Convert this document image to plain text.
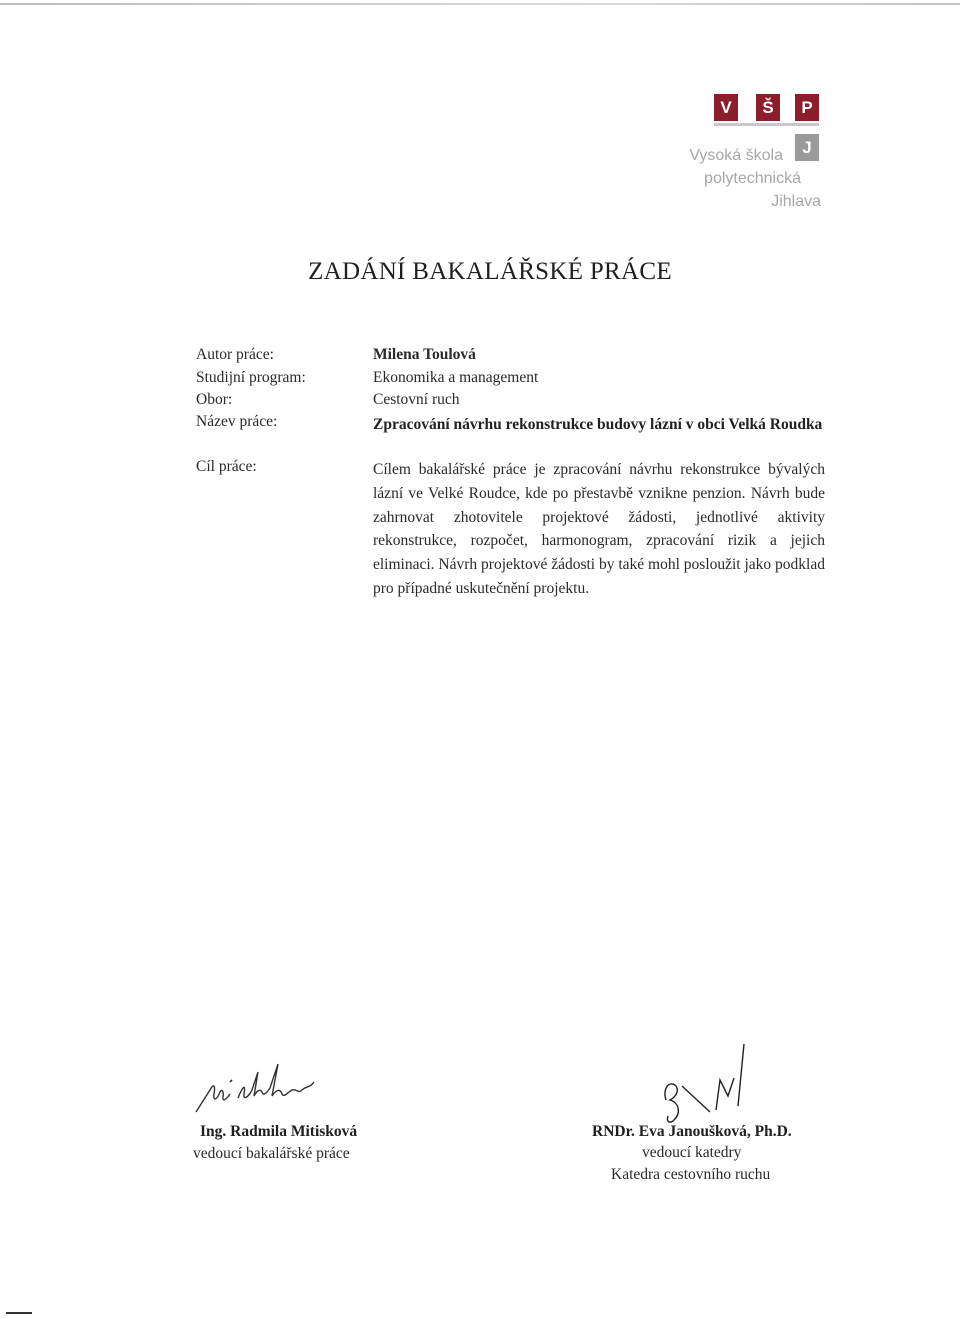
V	Š	P
J
Vysoká škola
polytechnická
Jihlava
ZADÁNÍ BAKALÁŘSKÉ PRÁCE
Autor práce:	Milena Toulová
Studijní program:	Ekonomika a management
Obor:	Cestovní ruch
Název práce:	Zpracování návrhu rekonstrukce budovy lázní v obci Velká Roudka
Cíl práce:	Cílem bakalářské práce je zpracování návrhu rekonstrukce bývalých lázní ve Velké Roudce, kde po přestavbě vznikne penzion. Návrh bude zahrnovat zhotovitele projektové žádosti, jednotlivé aktivity rekonstrukce, rozpočet, harmonogram, zpracování rizik a jejich eliminaci. Návrh projektové žádosti by také mohl posloužit jako podklad pro případné uskutečnění projektu.
Ing. Radmila Mitisková
vedoucí bakalářské práce
RNDr. Eva Janoušková, Ph.D.
vedoucí katedry
Katedra cestovního ruchu
